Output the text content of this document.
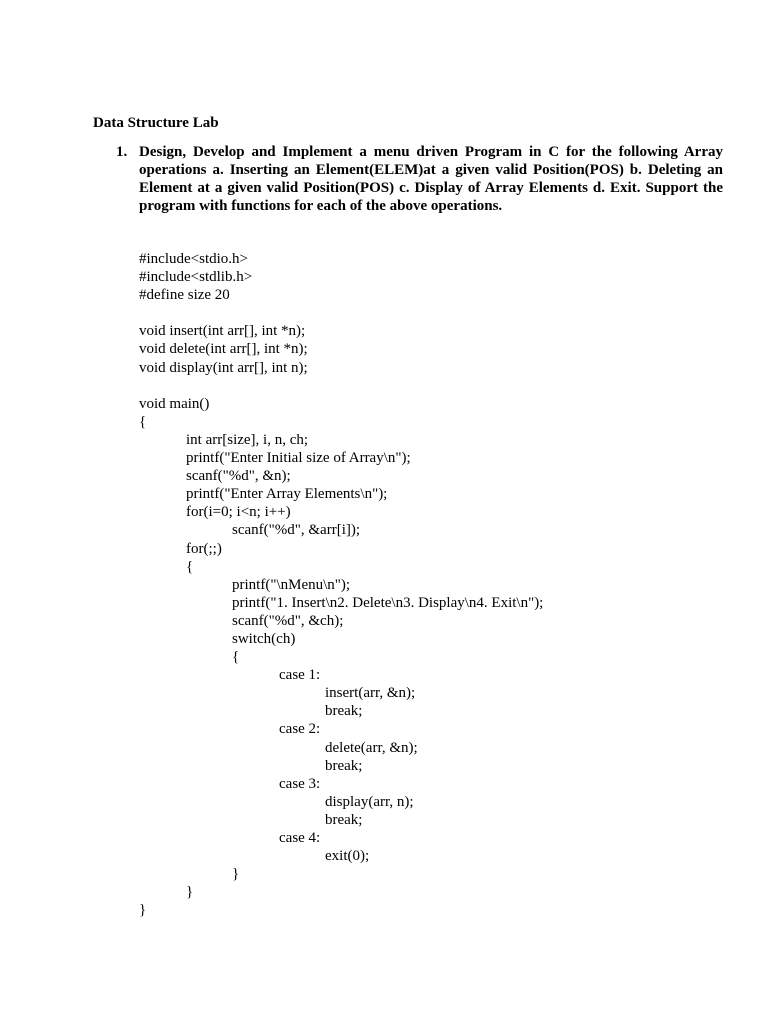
Data Structure Lab
1. Design, Develop and Implement a menu driven Program in C for the following Array operations a. Inserting an Element(ELEM)at a given valid Position(POS) b. Deleting an Element at a given valid Position(POS) c. Display of Array Elements d. Exit. Support the program with functions for each of the above operations.
#include<stdio.h>
#include<stdlib.h>
#define size 20
void insert(int arr[], int *n);
void delete(int arr[], int *n);
void display(int arr[], int n);
void main()
{
int arr[size], i, n, ch;
printf("Enter Initial size of Array\n");
scanf("%d", &n);
printf("Enter Array Elements\n");
for(i=0; i<n; i++)
scanf("%d", &arr[i]);
for(;;)
{
printf("\nMenu\n");
printf("1. Insert\n2. Delete\n3. Display\n4. Exit\n");
scanf("%d", &ch);
switch(ch)
{
case 1:
insert(arr, &n);
break;
case 2:
delete(arr, &n);
break;
case 3:
display(arr, n);
break;
case 4:
exit(0);
}
}
}
